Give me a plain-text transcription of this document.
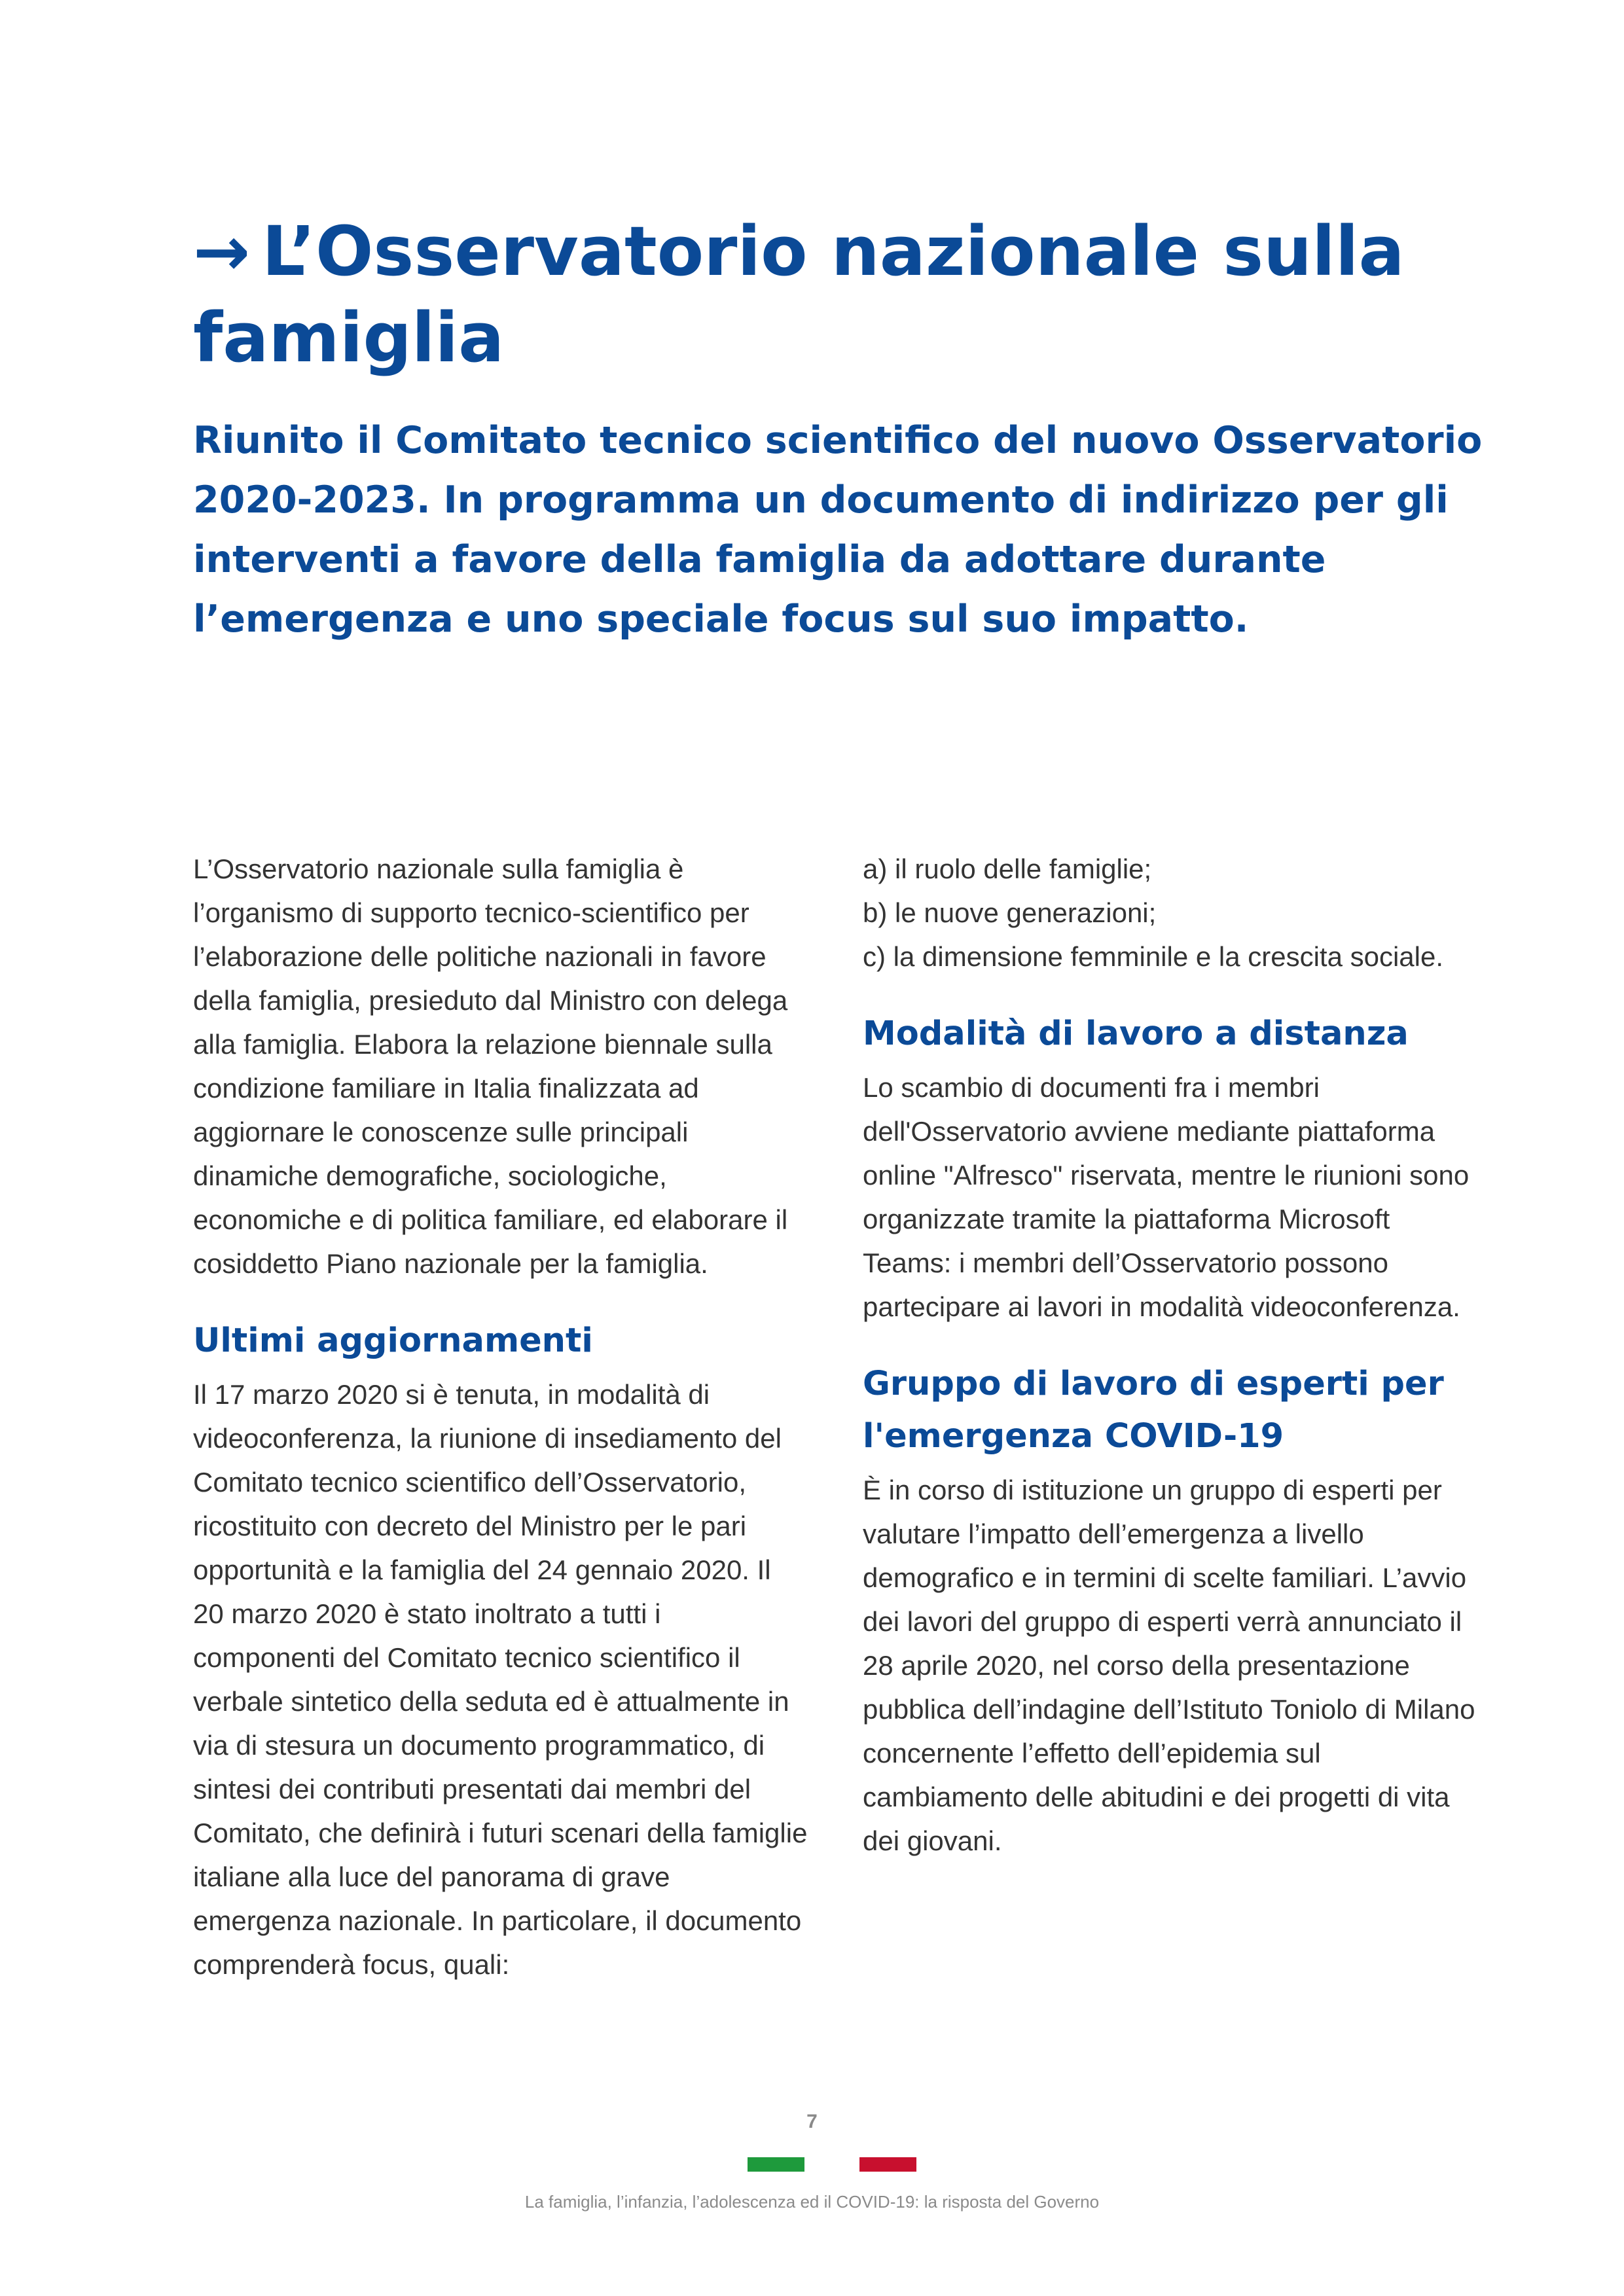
→ L’Osservatorio nazionale sulla famiglia

Riunito il Comitato tecnico scientifico del nuovo Osservatorio 2020-2023. In programma un documento di indirizzo per gli interventi a favore della famiglia da adottare durante l’emergenza e uno speciale focus sul suo impatto.

L’Osservatorio nazionale sulla famiglia è l’organismo di supporto tecnico-scientifico per l’elaborazione delle politiche nazionali in favore della famiglia, presieduto dal Ministro con delega alla famiglia. Elabora la relazione biennale sulla condizione familiare in Italia finalizzata ad aggiornare le conoscenze sulle principali dinamiche demografiche, sociologiche, economiche e di politica familiare, ed elaborare il cosiddetto Piano nazionale per la famiglia.

Ultimi aggiornamenti

Il 17 marzo 2020 si è tenuta, in modalità di videoconferenza, la riunione di insediamento del Comitato tecnico scientifico dell’Osservatorio, ricostituito con decreto del Ministro per le pari opportunità e la famiglia del 24 gennaio 2020. Il 20 marzo 2020 è stato inoltrato a tutti i componenti del Comitato tecnico scientifico il verbale sintetico della seduta ed è attualmente in via di stesura un documento programmatico, di sintesi dei contributi presentati dai membri del Comitato, che definirà i futuri scenari della famiglie italiane alla luce del panorama di grave emergenza nazionale. In particolare, il documento comprenderà focus, quali:

a) il ruolo delle famiglie;
b) le nuove generazioni;
c) la dimensione femminile e la crescita sociale.

Modalità di lavoro a distanza

Lo scambio di documenti fra i membri dell'Osservatorio avviene mediante piattaforma online "Alfresco" riservata, mentre le riunioni sono organizzate tramite la piattaforma Microsoft Teams: i membri dell’Osservatorio possono partecipare ai lavori in modalità videoconferenza.

Gruppo di lavoro di esperti per l'emergenza COVID-19

È in corso di istituzione un gruppo di esperti per valutare l’impatto dell’emergenza a livello demografico e in termini di scelte familiari. L’avvio dei lavori del gruppo di esperti verrà annunciato il 28 aprile 2020, nel corso della presentazione pubblica dell’indagine dell’Istituto Toniolo di Milano concernente l’effetto dell’epidemia sul cambiamento delle abitudini e dei progetti di vita dei giovani.

7
La famiglia, l’infanzia, l’adolescenza ed il COVID-19: la risposta del Governo
